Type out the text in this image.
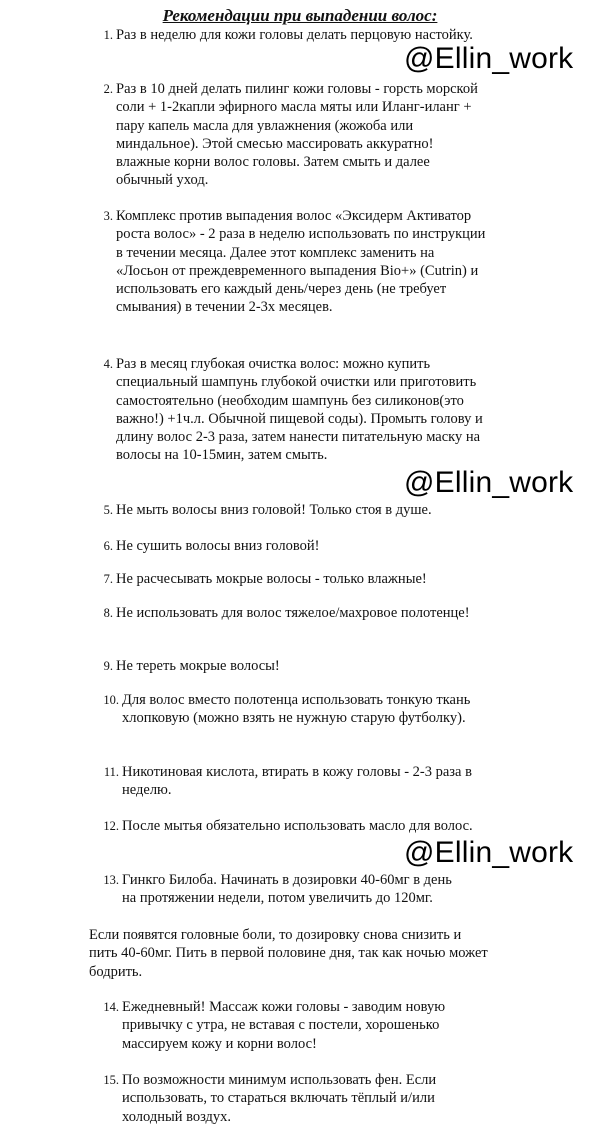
Рекомендации при выпадении волос:
1. Раз в неделю для кожи головы делать перцовую настойку.
2. Раз в 10 дней делать пилинг кожи головы - горсть морской соли + 1-2капли эфирного масла мяты или Иланг-иланг + пару капель масла для увлажнения (жожоба или миндальное). Этой смесью массировать аккуратно! влажные корни волос головы. Затем смыть и далее обычный уход.
3. Комплекс против выпадения волос «Эксидерм Активатор роста волос» - 2 раза в неделю использовать по инструкции в течении месяца. Далее этот комплекс заменить на «Лосьон от преждевременного выпадения Bio+» (Cutrin) и использовать его каждый день/через день (не требует смывания) в течении 2-3х месяцев.
4. Раз в месяц глубокая очистка волос: можно купить специальный шампунь глубокой очистки или приготовить самостоятельно (необходим шампунь без силиконов(это важно!) +1ч.л. Обычной пищевой соды). Промыть голову и длину волос 2-3 раза, затем нанести питательную маску на волосы на 10-15мин, затем смыть.
5. Не мыть волосы вниз головой! Только стоя в душе.
6. Не сушить волосы вниз головой!
7. Не расчесывать мокрые волосы - только влажные!
8. Не использовать для волос тяжелое/махровое полотенце!
9. Не тереть мокрые волосы!
10. Для волос вместо полотенца использовать тонкую ткань хлопковую (можно взять не нужную старую футболку).
11. Никотиновая кислота, втирать в кожу головы - 2-3 раза в неделю.
12. После мытья обязательно использовать масло для волос.
13. Гинкго Билоба. Начинать в дозировки 40-60мг в день на протяжении недели, потом увеличить до 120мг.
Если появятся головные боли, то дозировку снова снизить и пить 40-60мг. Пить в первой половине дня, так как ночью может бодрить.
14. Ежедневный! Массаж кожи головы - заводим новую привычку с утра, не вставая с постели, хорошенько массируем кожу и корни волос!
15. По возможности минимум использовать фен. Если использовать, то стараться включать тёплый и/или холодный воздух.
@Ellin_work
@Ellin_work
@Ellin_work
